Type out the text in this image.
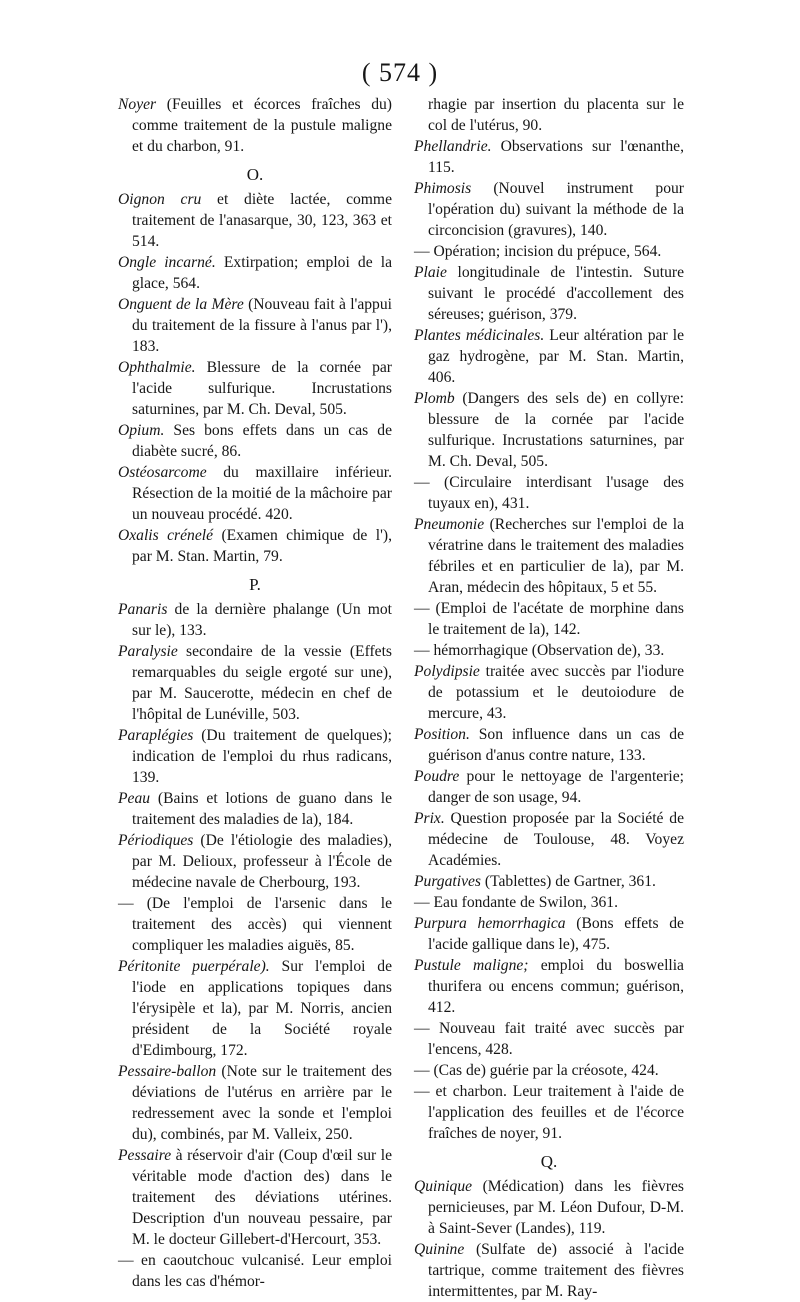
( 574 )
Noyer (Feuilles et écorces fraîches du) comme traitement de la pustule maligne et du charbon, 91.
O.
Oignon cru et diète lactée, comme traitement de l'anasarque, 30, 123, 363 et 514.
Ongle incarné. Extirpation; emploi de la glace, 564.
Onguent de la Mère (Nouveau fait à l'appui du traitement de la fissure à l'anus par l'), 183.
Ophthalmie. Blessure de la cornée par l'acide sulfurique. Incrustations saturnines, par M. Ch. Deval, 505.
Opium. Ses bons effets dans un cas de diabète sucré, 86.
Ostéosarcome du maxillaire inférieur. Résection de la moitié de la mâchoire par un nouveau procédé. 420.
Oxalis crénelé (Examen chimique de l'), par M. Stan. Martin, 79.
P.
Panaris de la dernière phalange (Un mot sur le), 133.
Paralysie secondaire de la vessie (Effets remarquables du seigle ergoté sur une), par M. Saucerotte, médecin en chef de l'hôpital de Lunéville, 503.
Paraplégies (Du traitement de quelques); indication de l'emploi du rhus radicans, 139.
Peau (Bains et lotions de guano dans le traitement des maladies de la), 184.
Périodiques (De l'étiologie des maladies), par M. Delioux, professeur à l'École de médecine navale de Cherbourg, 193.
— (De l'emploi de l'arsenic dans le traitement des accès) qui viennent compliquer les maladies aiguës, 85.
Péritonite puerpérale). Sur l'emploi de l'iode en applications topiques dans l'érysipèle et la), par M. Norris, ancien président de la Société royale d'Edimbourg, 172.
Pessaire-ballon (Note sur le traitement des déviations de l'utérus en arrière par le redressement avec la sonde et l'emploi du), combinés, par M. Valleix, 250.
Pessaire à réservoir d'air (Coup d'œil sur le véritable mode d'action des) dans le traitement des déviations utérines. Description d'un nouveau pessaire, par M. le docteur Gillebert-d'Hercourt, 353.
— en caoutchouc vulcanisé. Leur emploi dans les cas d'hémor-
rhagie par insertion du placenta sur le col de l'utérus, 90.
Phellandrie. Observations sur l'œnanthe, 115.
Phimosis (Nouvel instrument pour l'opération du) suivant la méthode de la circoncision (gravures), 140.
— Opération; incision du prépuce, 564.
Plaie longitudinale de l'intestin. Suture suivant le procédé d'accollement des séreuses; guérison, 379.
Plantes médicinales. Leur altération par le gaz hydrogène, par M. Stan. Martin, 406.
Plomb (Dangers des sels de) en collyre: blessure de la cornée par l'acide sulfurique. Incrustations saturnines, par M. Ch. Deval, 505.
— (Circulaire interdisant l'usage des tuyaux en), 431.
Pneumonie (Recherches sur l'emploi de la vératrine dans le traitement des maladies fébriles et en particulier de la), par M. Aran, médecin des hôpitaux, 5 et 55.
— (Emploi de l'acétate de morphine dans le traitement de la), 142.
— hémorrhagique (Observation de), 33.
Polydipsie traitée avec succès par l'iodure de potassium et le deutoiodure de mercure, 43.
Position. Son influence dans un cas de guérison d'anus contre nature, 133.
Poudre pour le nettoyage de l'argenterie; danger de son usage, 94.
Prix. Question proposée par la Société de médecine de Toulouse, 48. Voyez Académies.
Purgatives (Tablettes) de Gartner, 361.
— Eau fondante de Swilon, 361.
Purpura hemorrhagica (Bons effets de l'acide gallique dans le), 475.
Pustule maligne; emploi du boswellia thurifera ou encens commun; guérison, 412.
— Nouveau fait traité avec succès par l'encens, 428.
— (Cas de) guérie par la créosote, 424.
— et charbon. Leur traitement à l'aide de l'application des feuilles et de l'écorce fraîches de noyer, 91.
Q.
Quinique (Médication) dans les fièvres pernicieuses, par M. Léon Dufour, D-M. à Saint-Sever (Landes), 119.
Quinine (Sulfate de) associé à l'acide tartrique, comme traitement des fièvres intermittentes, par M. Ray-
